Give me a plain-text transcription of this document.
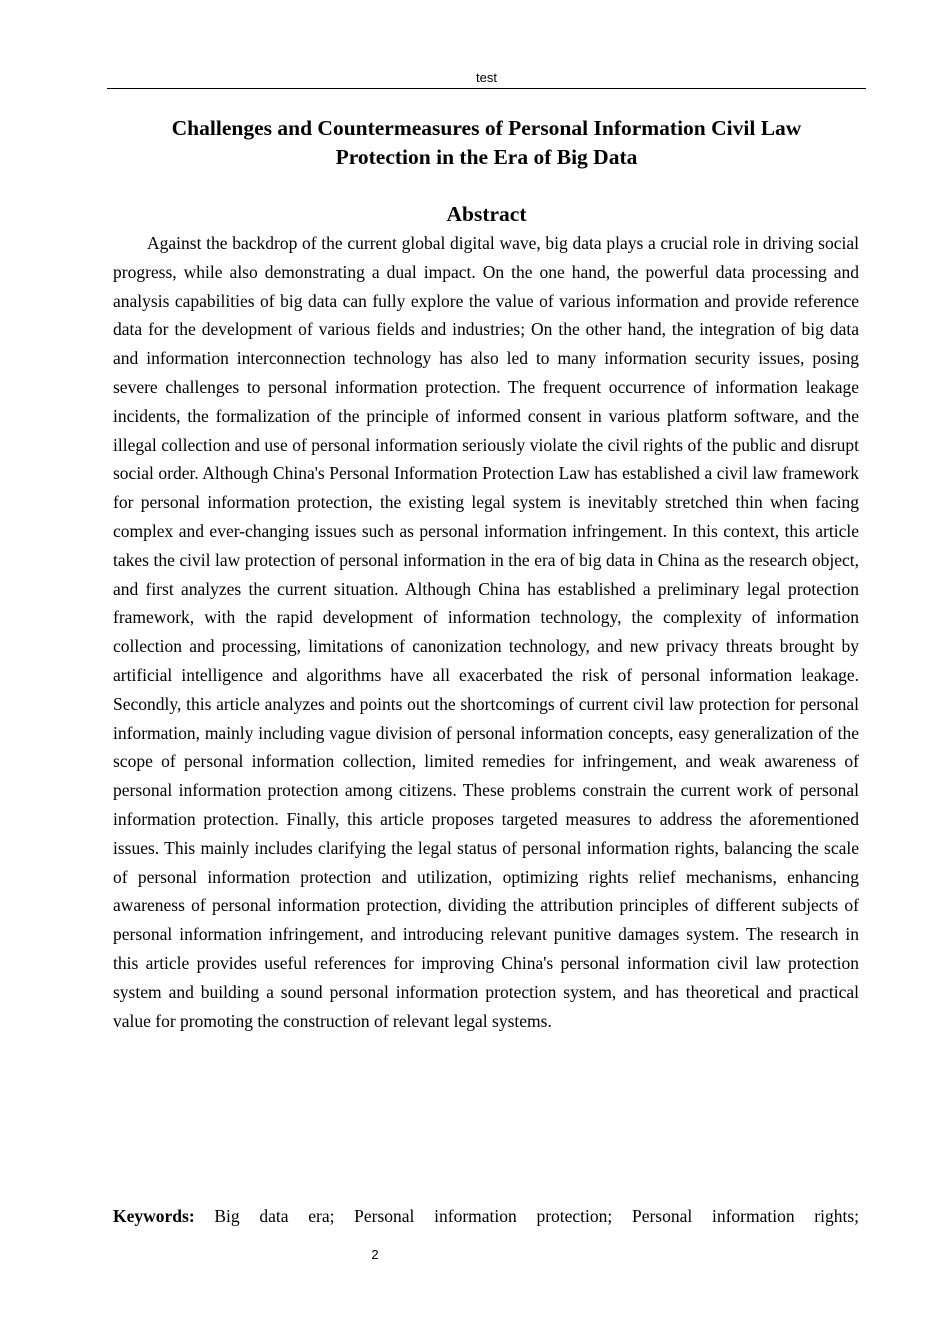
test
Challenges and Countermeasures of Personal Information Civil Law
Protection in the Era of Big Data
Abstract

Against the backdrop of the current global digital wave, big data plays a crucial role in driving social progress, while also demonstrating a dual impact. On the one hand, the powerful data processing and analysis capabilities of big data can fully explore the value of various information and provide reference data for the development of various fields and industries; On the other hand, the integration of big data and information interconnection technology has also led to many information security issues, posing severe challenges to personal information protection. The frequent occurrence of information leakage incidents, the formalization of the principle of informed consent in various platform software, and the illegal collection and use of personal information seriously violate the civil rights of the public and disrupt social order. Although China's Personal Information Protection Law has established a civil law framework for personal information protection, the existing legal system is inevitably stretched thin when facing complex and ever-changing issues such as personal information infringement. In this context, this article takes the civil law protection of personal information in the era of big data in China as the research object, and first analyzes the current situation. Although China has established a preliminary legal protection framework, with the rapid development of information technology, the complexity of information collection and processing, limitations of canonization technology, and new privacy threats brought by artificial intelligence and algorithms have all exacerbated the risk of personal information leakage. Secondly, this article analyzes and points out the shortcomings of current civil law protection for personal information, mainly including vague division of personal information concepts, easy generalization of the scope of personal information collection, limited remedies for infringement, and weak awareness of personal information protection among citizens. These problems constrain the current work of personal information protection. Finally, this article proposes targeted measures to address the aforementioned issues. This mainly includes clarifying the legal status of personal information rights, balancing the scale of personal information protection and utilization, optimizing rights relief mechanisms, enhancing awareness of personal information protection, dividing the attribution principles of different subjects of personal information infringement, and introducing relevant punitive damages system. The research in this article provides useful references for improving China's personal information civil law protection system and building a sound personal information protection system, and has theoretical and practical value for promoting the construction of relevant legal systems.

Keywords: Big data era; Personal information protection; Personal information rights;

2
